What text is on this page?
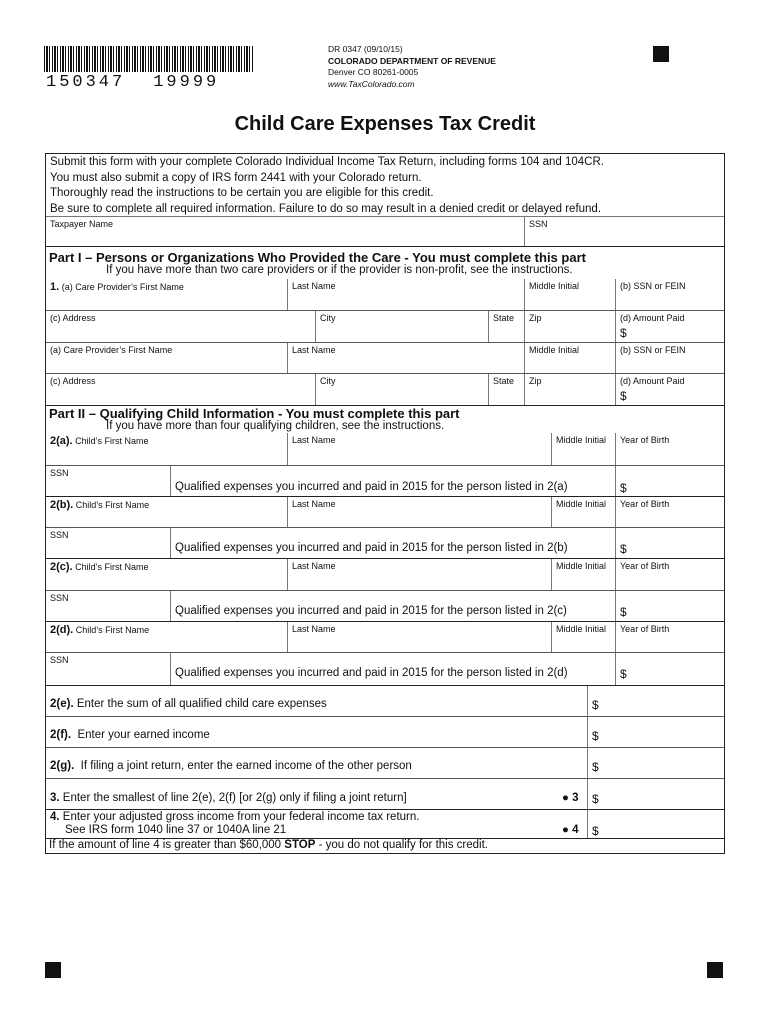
150347 19999
DR 0347 (09/10/15)
COLORADO DEPARTMENT OF REVENUE
Denver CO 80261-0005
www.TaxColorado.com
Child Care Expenses Tax Credit
Submit this form with your complete Colorado Individual Income Tax Return, including forms 104 and 104CR.
You must also submit a copy of IRS form 2441 with your Colorado return.
Thoroughly read the instructions to be certain you are eligible for this credit.
Be sure to complete all required information. Failure to do so may result in a denied credit or delayed refund.
Taxpayer Name	SSN
Part I – Persons or Organizations Who Provided the Care - You must complete this part
If you have more than two care providers or if the provider is non-profit, see the instructions.
1. (a) Care Provider’s First Name	Last Name	Middle Initial	(b) SSN or FEIN
(c) Address	City	State Zip	(d) Amount Paid
$
(a) Care Provider’s First Name	Last Name	Middle Initial	(b) SSN or FEIN
(c) Address	City	State Zip	(d) Amount Paid
$
Part II – Qualifying Child Information - You must complete this part
If you have more than four qualifying children, see the instructions.
2(a). Child’s First Name	Last Name	Middle Initial Year of Birth
SSN
Qualified expenses you incurred and paid in 2015 for the person listed in 2(a)	$
2(b). Child’s First Name	Last Name	Middle Initial Year of Birth
SSN
Qualified expenses you incurred and paid in 2015 for the person listed in 2(b)	$
2(c). Child’s First Name	Last Name	Middle Initial Year of Birth
SSN
Qualified expenses you incurred and paid in 2015 for the person listed in 2(c)	$
2(d). Child’s First Name	Last Name	Middle Initial Year of Birth
SSN
Qualified expenses you incurred and paid in 2015 for the person listed in 2(d)	$
2(e). Enter the sum of all qualified child care expenses	$
2(f). Enter your earned income	$
2(g). If filing a joint return, enter the earned income of the other person	$
3. Enter the smallest of line 2(e), 2(f) [or 2(g) only if filing a joint return]	● 3 $
4. Enter your adjusted gross income from your federal income tax return.
See IRS form 1040 line 37 or 1040A line 21	● 4 $
If the amount of line 4 is greater than $60,000 STOP - you do not qualify for this credit.
